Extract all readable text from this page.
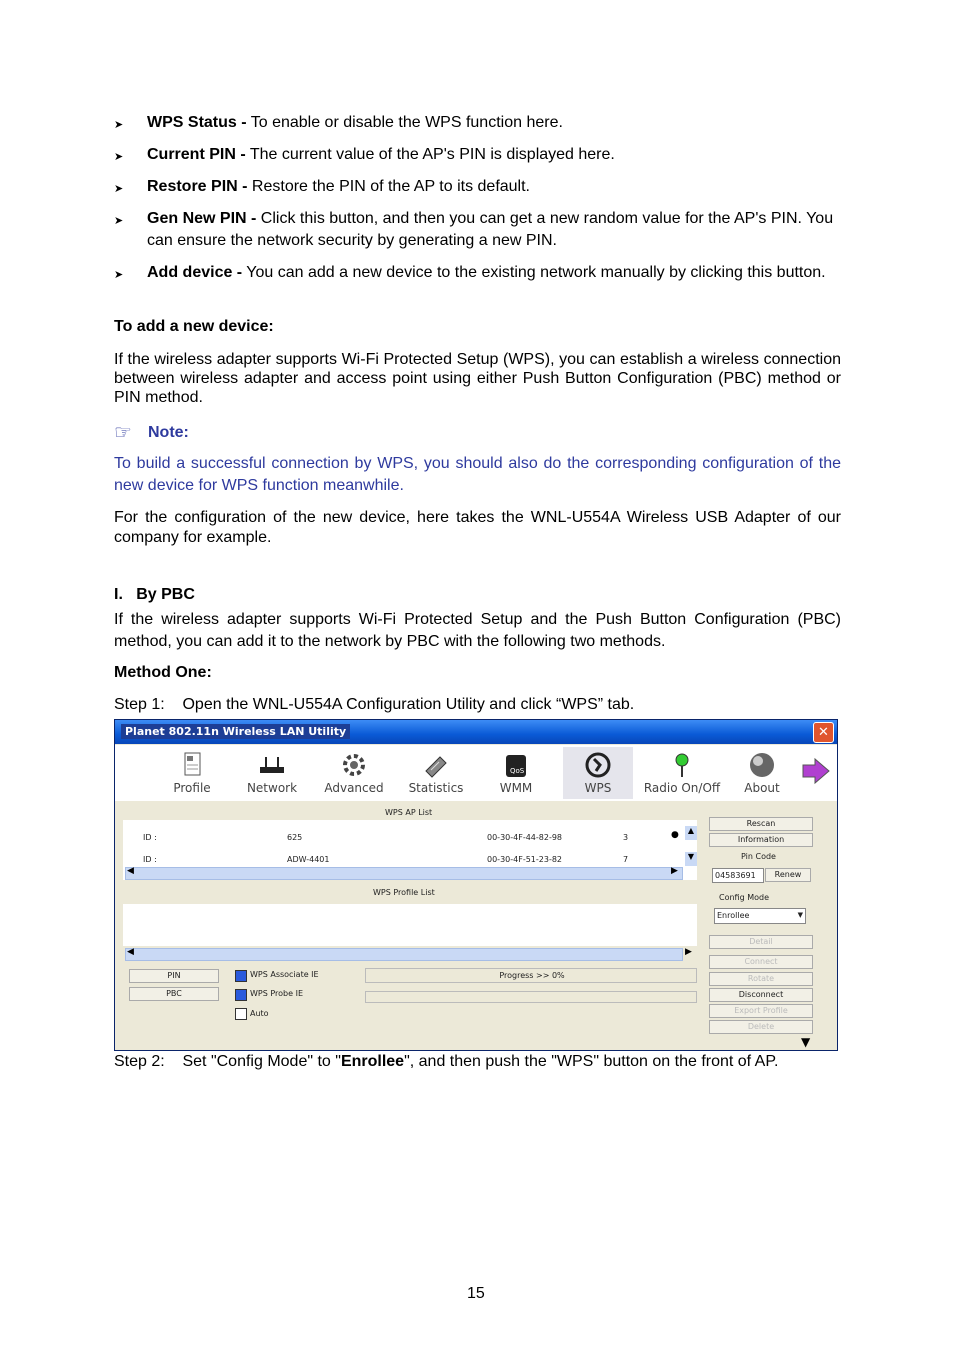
➤ WPS Status - To enable or disable the WPS function here.
➤ Current PIN - The current value of the AP's PIN is displayed here.
➤ Restore PIN - Restore the PIN of the AP to its default.
➤ Gen New PIN - Click this button, and then you can get a new random value for the AP's PIN. You can ensure the network security by generating a new PIN.
➤ Add device - You can add a new device to the existing network manually by clicking this button.
To add a new device:
If the wireless adapter supports Wi-Fi Protected Setup (WPS), you can establish a wireless connection between wireless adapter and access point using either Push Button Configuration (PBC) method or PIN method.
☞ Note:
To build a successful connection by WPS, you should also do the corresponding configuration of the new device for WPS function meanwhile.
For the configuration of the new device, here takes the WNL-U554A Wireless USB Adapter of our company for example.
I.   By PBC
If the wireless adapter supports Wi-Fi Protected Setup and the Push Button Configuration (PBC) method, you can add it to the network by PBC with the following two methods.
Method One:
Step 1:    Open the WNL-U554A Configuration Utility and click “WPS” tab.
Planet 802.11n Wireless LAN Utility	✕
Profile	Network	Advanced	Statistics
QoS
WMM	WPS	Radio On/Off	About
WPS AP List
ID :	625	00-30-4F-44-82-98	3
ID :	ADW-4401	00-30-4F-51-23-82	7
●	▲
▼
◀	▶
WPS Profile List
◀	▶
PIN
PBC
WPS Associate IE
WPS Probe IE
Auto
Progress >> 0%
Rescan
Information
Pin Code
04583691	Renew
Config Mode
Enrollee	▼
Detail
Connect
Rotate
Disconnect
Export Profile
Delete
▼
Step 2:    Set "Config Mode" to "Enrollee", and then push the "WPS" button on the front of AP.
15
